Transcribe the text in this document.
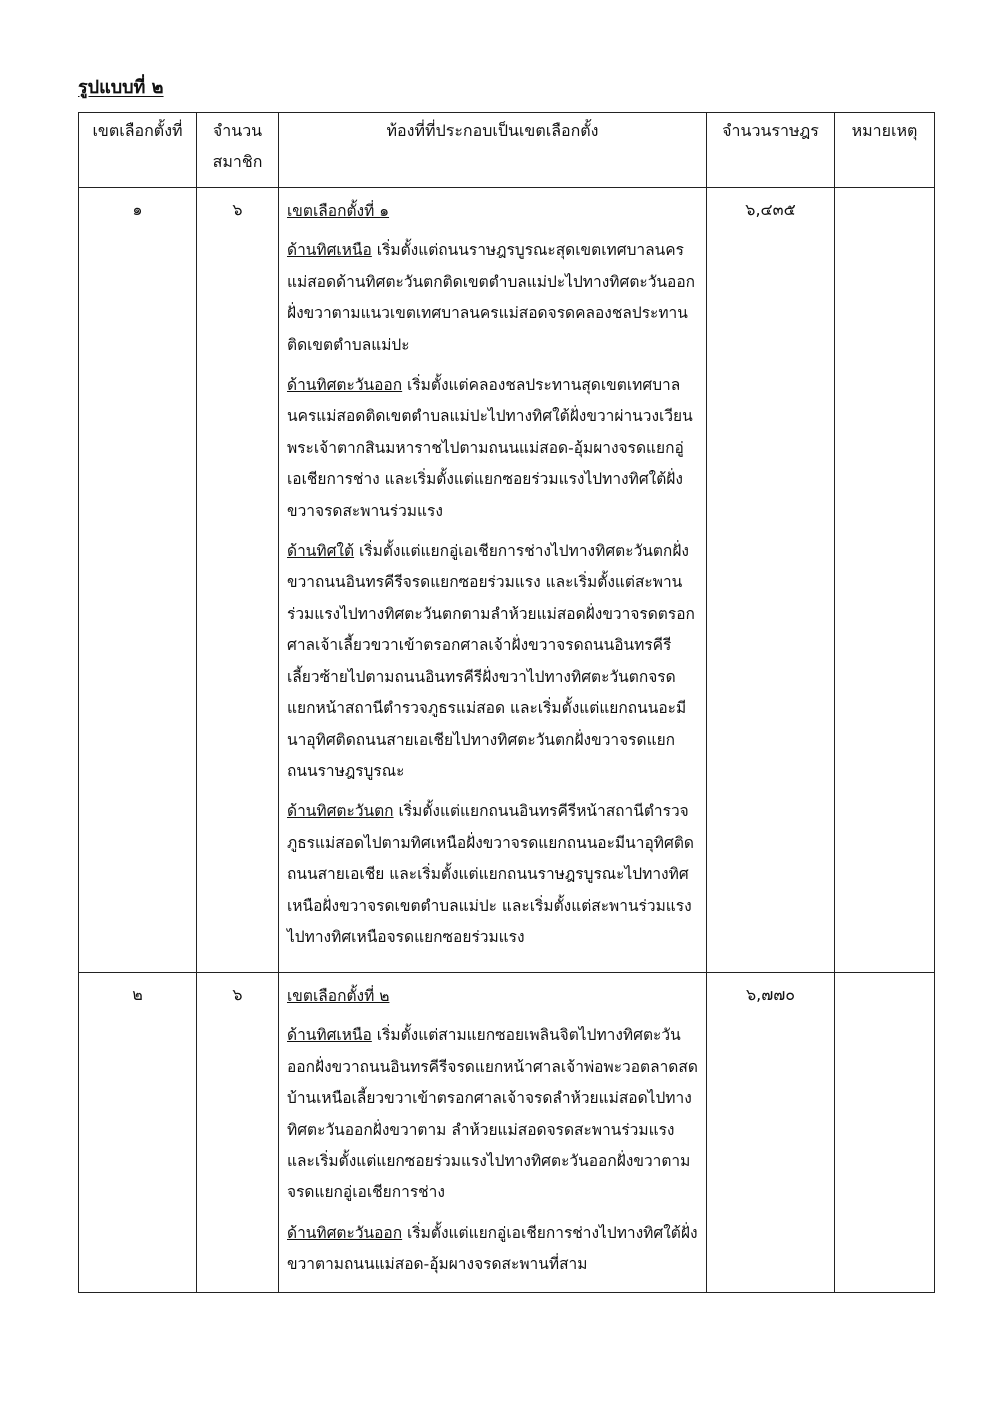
รูปแบบที่ ๒
เขตเลือกตั้งที่	จำนวนสมาชิก	ท้องที่ที่ประกอบเป็นเขตเลือกตั้ง	จำนวนราษฎร	หมายเหตุ
๑	๖	เขตเลือกตั้งที่ ๑
ด้านทิศเหนือ เริ่มตั้งแต่ถนนราษฎรบูรณะสุดเขตเทศบาลนครแม่สอดด้านทิศตะวันตกติดเขตตำบลแม่ปะไปทางทิศตะวันออกฝั่งขวาตามแนวเขตเทศบาลนครแม่สอดจรดคลองชลประทานติดเขตตำบลแม่ปะ
ด้านทิศตะวันออก เริ่มตั้งแต่คลองชลประทานสุดเขตเทศบาลนครแม่สอดติดเขตตำบลแม่ปะไปทางทิศใต้ฝั่งขวาผ่านวงเวียนพระเจ้าตากสินมหาราชไปตามถนนแม่สอด-อุ้มผางจรดแยกอู่เอเชียการช่าง และเริ่มตั้งแต่แยกซอยร่วมแรงไปทางทิศใต้ฝั่งขวาจรดสะพานร่วมแรง
ด้านทิศใต้ เริ่มตั้งแต่แยกอู่เอเชียการช่างไปทางทิศตะวันตกฝั่งขวาถนนอินทรคีรีจรดแยกซอยร่วมแรง และเริ่มตั้งแต่สะพานร่วมแรงไปทางทิศตะวันตกตามลำห้วยแม่สอดฝั่งขวาจรดตรอกศาลเจ้าเลี้ยวขวาเข้าตรอกศาลเจ้าฝั่งขวาจรดถนนอินทรคีรีเลี้ยวซ้ายไปตามถนนอินทรคีรีฝั่งขวาไปทางทิศตะวันตกจรดแยกหน้าสถานีตำรวจภูธรแม่สอด และเริ่มตั้งแต่แยกถนนอะมีนาอุทิศติดถนนสายเอเชียไปทางทิศตะวันตกฝั่งขวาจรดแยกถนนราษฎรบูรณะ
ด้านทิศตะวันตก เริ่มตั้งแต่แยกถนนอินทรคีรีหน้าสถานีตำรวจภูธรแม่สอดไปตามทิศเหนือฝั่งขวาจรดแยกถนนอะมีนาอุทิศติดถนนสายเอเชีย และเริ่มตั้งแต่แยกถนนราษฎรบูรณะไปทางทิศเหนือฝั่งขวาจรดเขตตำบลแม่ปะ และเริ่มตั้งแต่สะพานร่วมแรงไปทางทิศเหนือจรดแยกซอยร่วมแรง	๖,๔๓๕	
๒	๖	เขตเลือกตั้งที่ ๒
ด้านทิศเหนือ เริ่มตั้งแต่สามแยกซอยเพลินจิตไปทางทิศตะวันออกฝั่งขวาถนนอินทรคีรีจรดแยกหน้าศาลเจ้าพ่อพะวอตลาดสดบ้านเหนือเลี้ยวขวาเข้าตรอกศาลเจ้าจรดลำห้วยแม่สอดไปทางทิศตะวันออกฝั่งขวาตาม ลำห้วยแม่สอดจรดสะพานร่วมแรง และเริ่มตั้งแต่แยกซอยร่วมแรงไปทางทิศตะวันออกฝั่งขวาตามจรดแยกอู่เอเชียการช่าง
ด้านทิศตะวันออก เริ่มตั้งแต่แยกอู่เอเชียการช่างไปทางทิศใต้ฝั่งขวาตามถนนแม่สอด-อุ้มผางจรดสะพานที่สาม	๖,๗๗๐	
